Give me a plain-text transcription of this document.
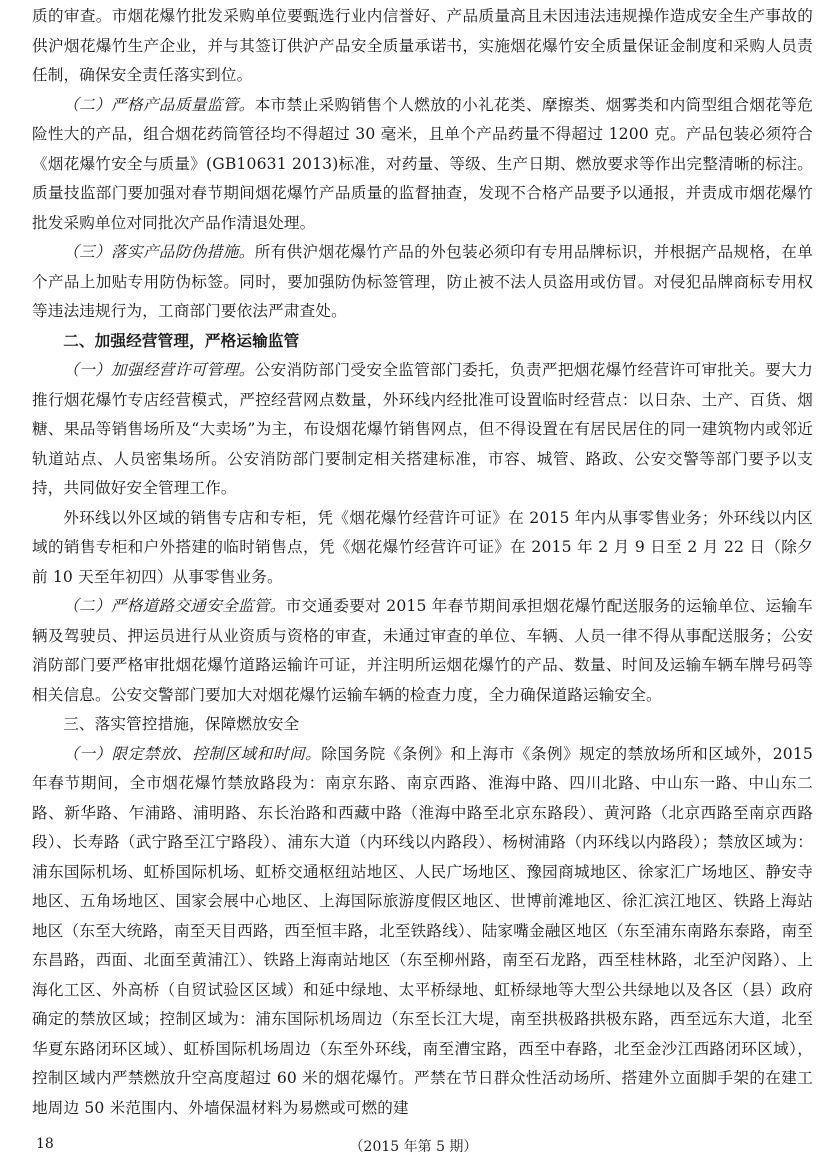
质的审查。市烟花爆竹批发采购单位要甄选行业内信誉好、产品质量高且未因违法违规操作造成安全生产事故的供沪烟花爆竹生产企业，并与其签订供沪产品安全质量承诺书，实施烟花爆竹安全质量保证金制度和采购人员责任制，确保安全责任落实到位。

（二）严格产品质量监管。本市禁止采购销售个人燃放的小礼花类、摩擦类、烟雾类和内筒型组合烟花等危险性大的产品，组合烟花药筒管径均不得超过 30 毫米，且单个产品药量不得超过 1200 克。产品包装必须符合《烟花爆竹安全与质量》(GB10631 2013)标准，对药量、等级、生产日期、燃放要求等作出完整清晰的标注。质量技监部门要加强对春节期间烟花爆竹产品质量的监督抽查，发现不合格产品要予以通报，并责成市烟花爆竹批发采购单位对同批次产品作清退处理。

（三）落实产品防伪措施。所有供沪烟花爆竹产品的外包装必须印有专用品牌标识，并根据产品规格，在单个产品上加贴专用防伪标签。同时，要加强防伪标签管理，防止被不法人员盗用或仿冒。对侵犯品牌商标专用权等违法违规行为，工商部门要依法严肃查处。

二、加强经营管理，严格运输监管

（一）加强经营许可管理。公安消防部门受安全监管部门委托，负责严把烟花爆竹经营许可审批关。要大力推行烟花爆竹专店经营模式，严控经营网点数量，外环线内经批准可设置临时经营点：以日杂、土产、百货、烟糖、果品等销售场所及“大卖场”为主，布设烟花爆竹销售网点，但不得设置在有居民居住的同一建筑物内或邻近轨道站点、人员密集场所。公安消防部门要制定相关搭建标准，市容、城管、路政、公安交警等部门要予以支持，共同做好安全管理工作。

外环线以外区域的销售专店和专柜，凭《烟花爆竹经营许可证》在 2015 年内从事零售业务；外环线以内区域的销售专柜和户外搭建的临时销售点，凭《烟花爆竹经营许可证》在 2015 年 2 月 9 日至 2 月 22 日（除夕前 10 天至年初四）从事零售业务。

（二）严格道路交通安全监管。市交通委要对 2015 年春节期间承担烟花爆竹配送服务的运输单位、运输车辆及驾驶员、押运员进行从业资质与资格的审查，未通过审查的单位、车辆、人员一律不得从事配送服务；公安消防部门要严格审批烟花爆竹道路运输许可证，并注明所运烟花爆竹的产品、数量、时间及运输车辆车牌号码等相关信息。公安交警部门要加大对烟花爆竹运输车辆的检查力度，全力确保道路运输安全。

三、落实管控措施，保障燃放安全

（一）限定禁放、控制区域和时间。除国务院《条例》和上海市《条例》规定的禁放场所和区域外，2015 年春节期间，全市烟花爆竹禁放路段为：南京东路、南京西路、淮海中路、四川北路、中山东一路、中山东二路、新华路、乍浦路、浦明路、东长治路和西藏中路（淮海中路至北京东路段）、黄河路（北京西路至南京西路段）、长寿路（武宁路至江宁路段）、浦东大道（内环线以内路段）、杨树浦路（内环线以内路段）；禁放区域为：浦东国际机场、虹桥国际机场、虹桥交通枢纽站地区、人民广场地区、豫园商城地区、徐家汇广场地区、静安寺地区、五角场地区、国家会展中心地区、上海国际旅游度假区地区、世博前滩地区、徐汇滨江地区、铁路上海站地区（东至大统路，南至天目西路，西至恒丰路，北至铁路线）、陆家嘴金融区地区（东至浦东南路东泰路，南至东昌路，西面、北面至黄浦江）、铁路上海南站地区（东至柳州路，南至石龙路，西至桂林路，北至沪闵路）、上海化工区、外高桥（自贸试验区区域）和延中绿地、太平桥绿地、虹桥绿地等大型公共绿地以及各区（县）政府确定的禁放区域；控制区域为：浦东国际机场周边（东至长江大堤，南至拱极路拱极东路，西至远东大道，北至华夏东路闭环区域）、虹桥国际机场周边（东至外环线，南至漕宝路，西至中春路，北至金沙江西路闭环区域），控制区域内严禁燃放升空高度超过 60 米的烟花爆竹。严禁在节日群众性活动场所、搭建外立面脚手架的在建工地周边 50 米范围内、外墙保温材料为易燃或可燃的建

18	（2015 年第 5 期）
